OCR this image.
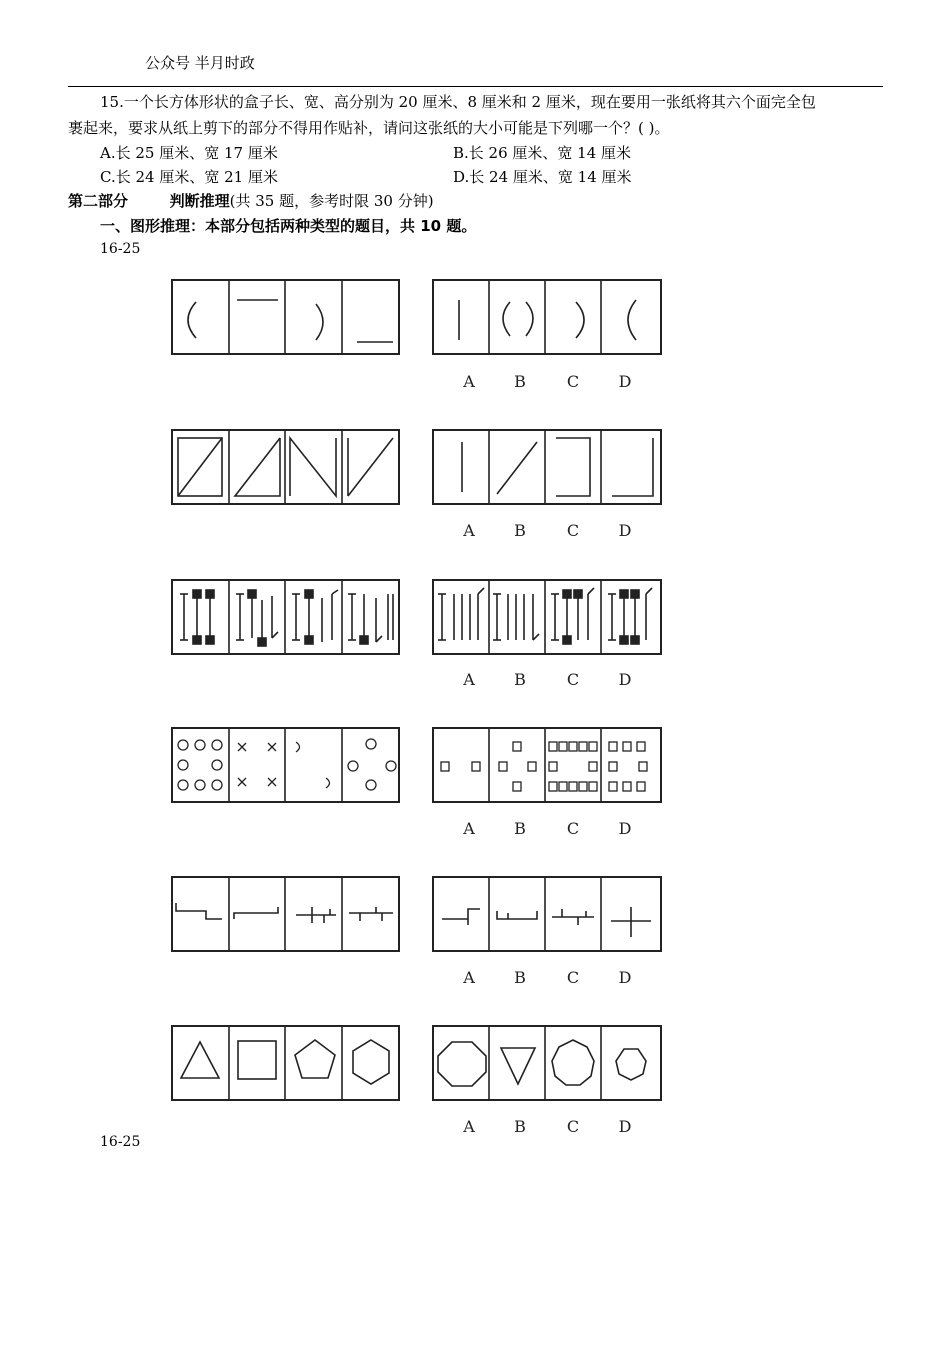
公众号 半月时政
15.一个长方体形状的盒子长、宽、高分别为 20 厘米、8 厘米和 2 厘米，现在要用一张纸将其六个面完全包
裹起来，要求从纸上剪下的部分不得用作贴补，请问这张纸的大小可能是下列哪一个？( )。
A.长 25 厘米、宽 17 厘米	B.长 26 厘米、宽 14 厘米
C.长 24 厘米、宽 21 厘米	D.长 24 厘米、宽 14 厘米
第二部分	判断推理(共 35 题，参考时限 30 分钟)
一、图形推理：本部分包括两种类型的题目，共 10 题。
16-25
16-25
A B	C D
A B	C D
A B	C D
A B	C D
A B	C D
A B	C D
